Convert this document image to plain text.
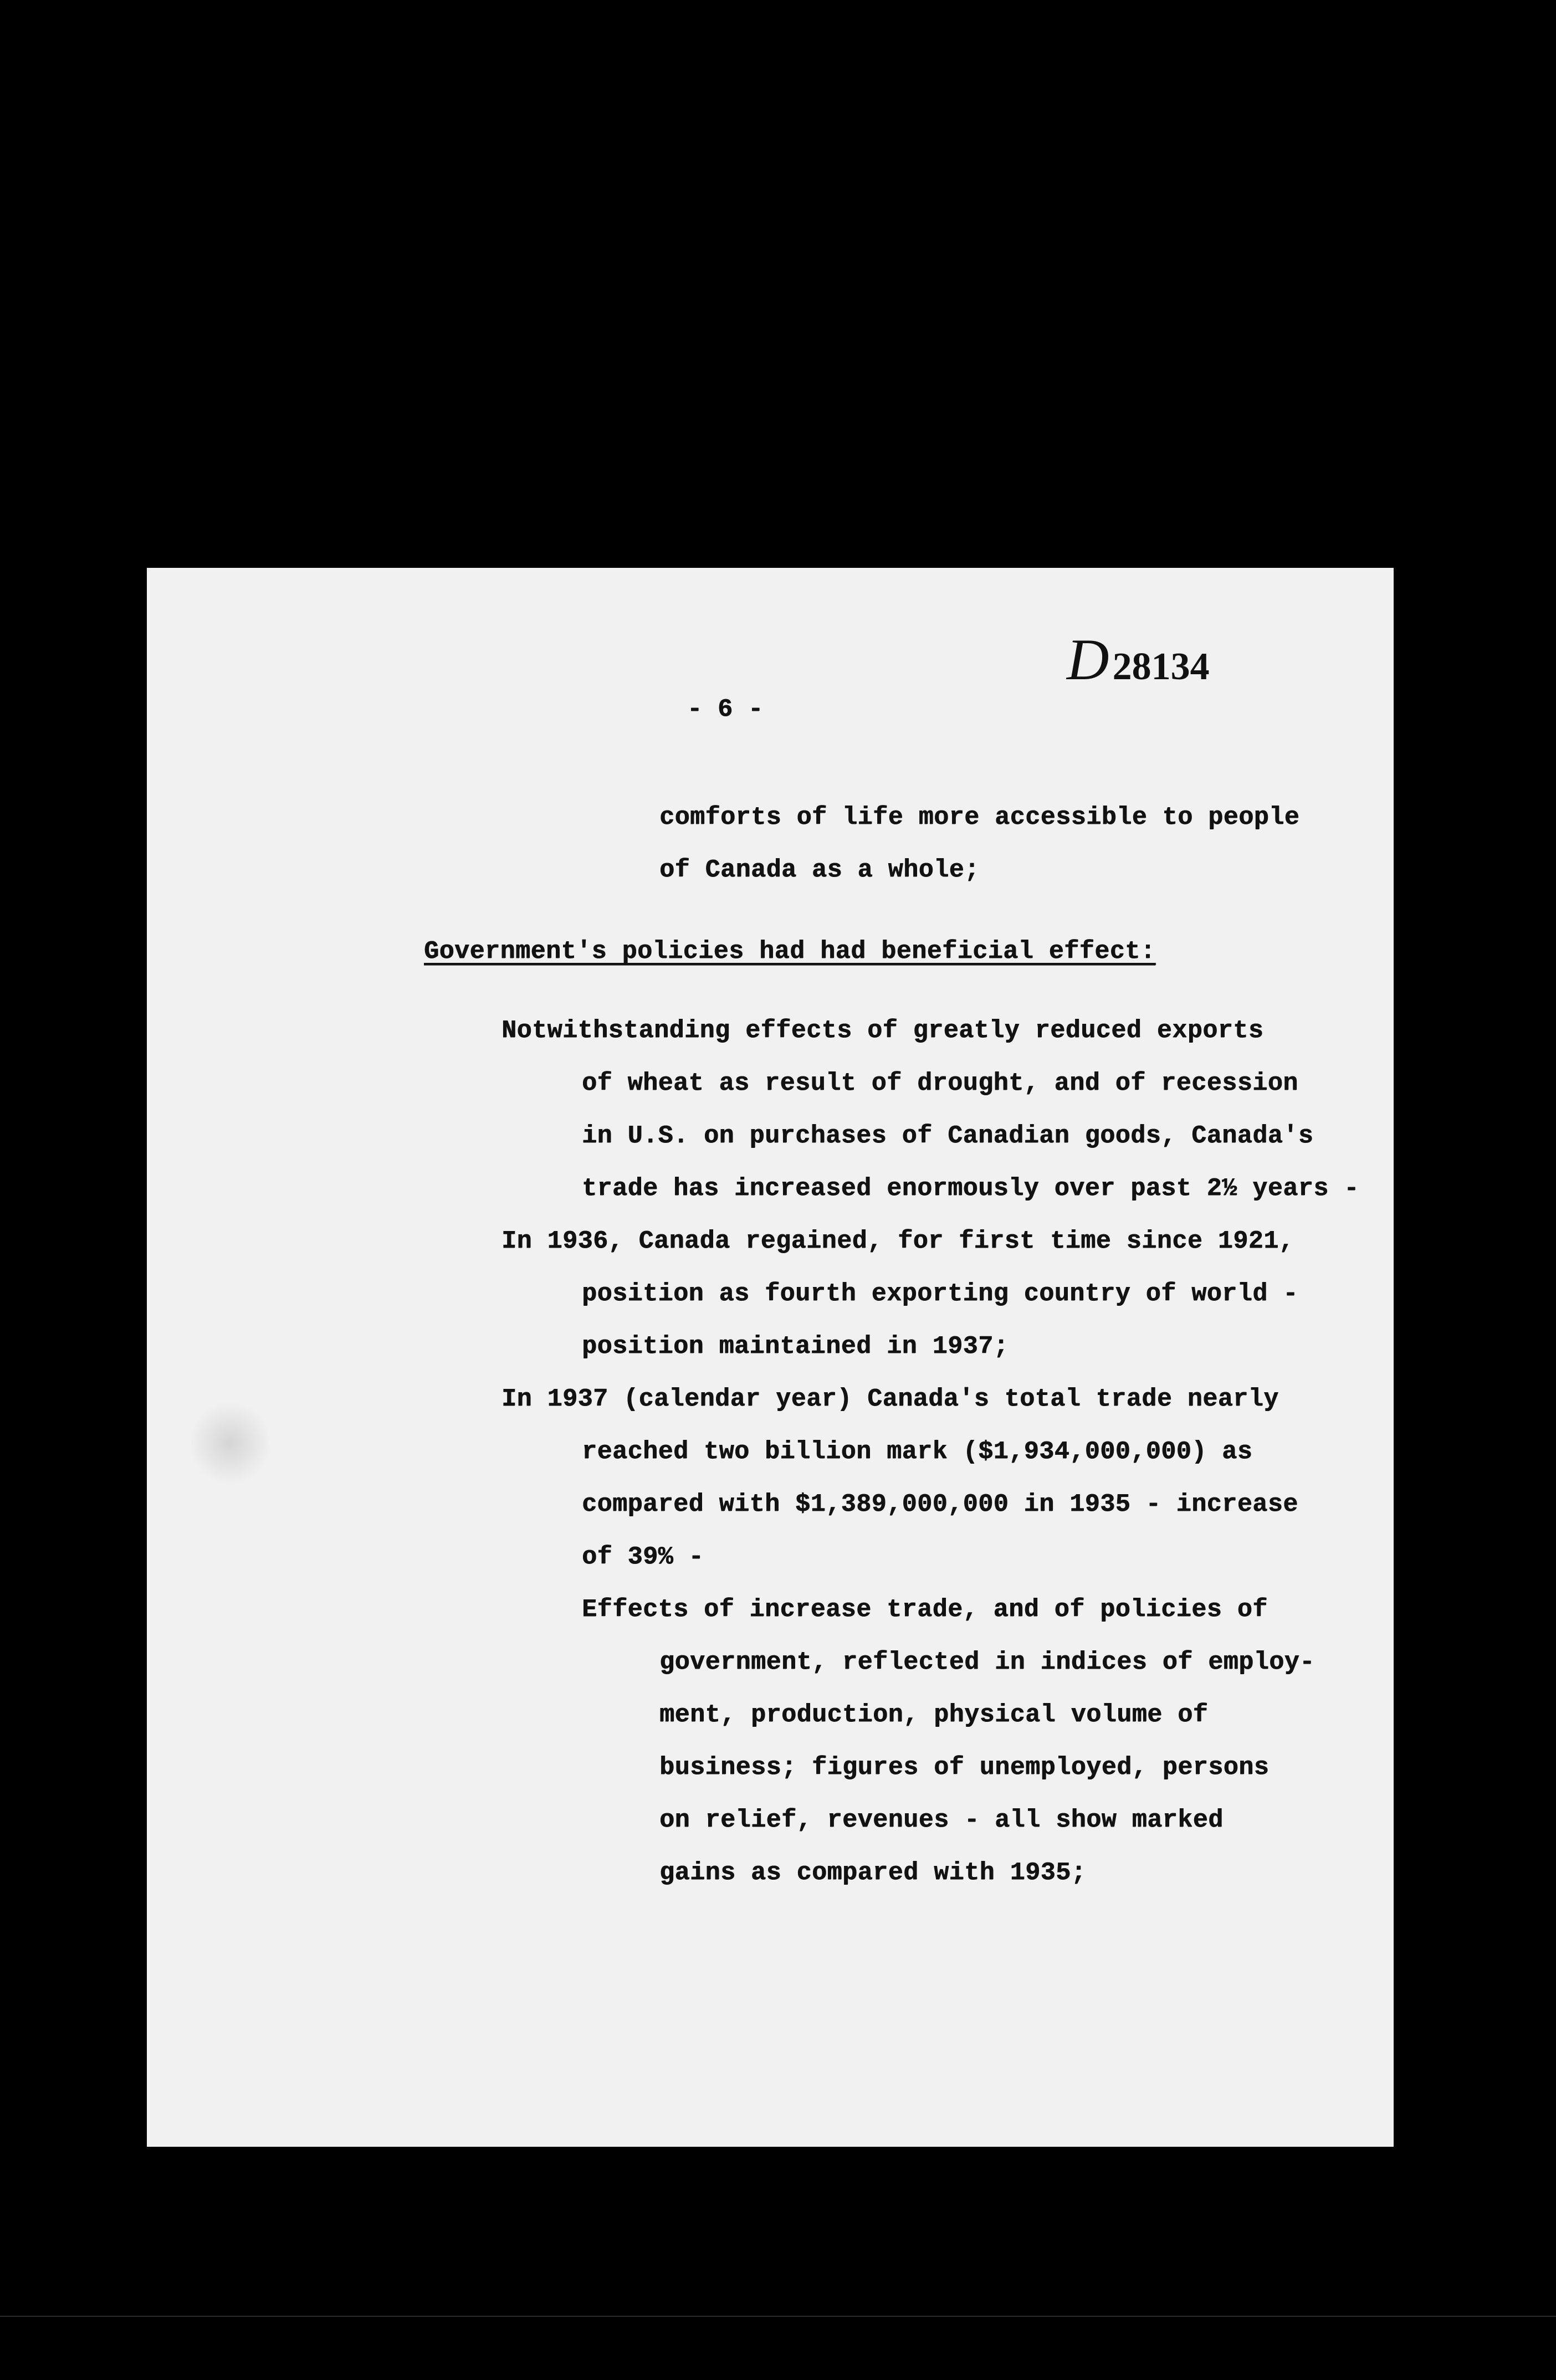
D28134
- 6 -
comforts of life more accessible to people
of Canada as a whole;
Government's policies had had beneficial effect:
Notwithstanding effects of greatly reduced exports
of wheat as result of drought, and of recession
in U.S. on purchases of Canadian goods, Canada's
trade has increased enormously over past 2½ years -
In 1936, Canada regained, for first time since 1921,
position as fourth exporting country of world -
position maintained in 1937;
In 1937 (calendar year) Canada's total trade nearly
reached two billion mark ($1,934,000,000) as
compared with $1,389,000,000 in 1935 - increase
of 39% -
Effects of increase trade, and of policies of
government, reflected in indices of employ-
ment, production, physical volume of
business; figures of unemployed, persons
on relief, revenues - all show marked
gains as compared with 1935;
